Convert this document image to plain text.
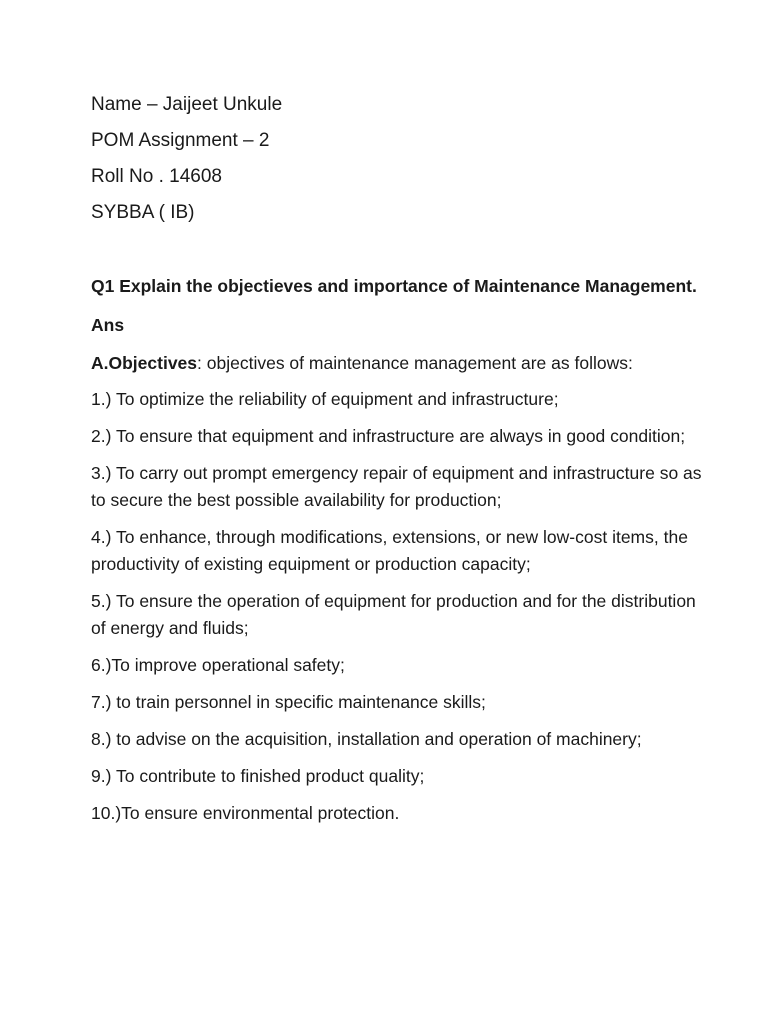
Name – Jaijeet Unkule
POM Assignment – 2
Roll No . 14608
SYBBA ( IB)
Q1 Explain the objectieves and importance of Maintenance Management.
Ans
A.Objectives: objectives of maintenance management are as follows:
1.) To optimize the reliability of equipment and infrastructure;
2.) To ensure that equipment and infrastructure are always in good condition;
3.) To carry out prompt emergency repair of equipment and infrastructure so as to secure the best possible availability for production;
4.) To enhance, through modifications, extensions, or new low-cost items, the productivity of existing equipment or production capacity;
5.) To ensure the operation of equipment for production and for the distribution of energy and fluids;
6.)To improve operational safety;
7.) to train personnel in specific maintenance skills;
8.) to advise on the acquisition, installation and operation of machinery;
9.) To contribute to finished product quality;
10.)To ensure environmental protection.
